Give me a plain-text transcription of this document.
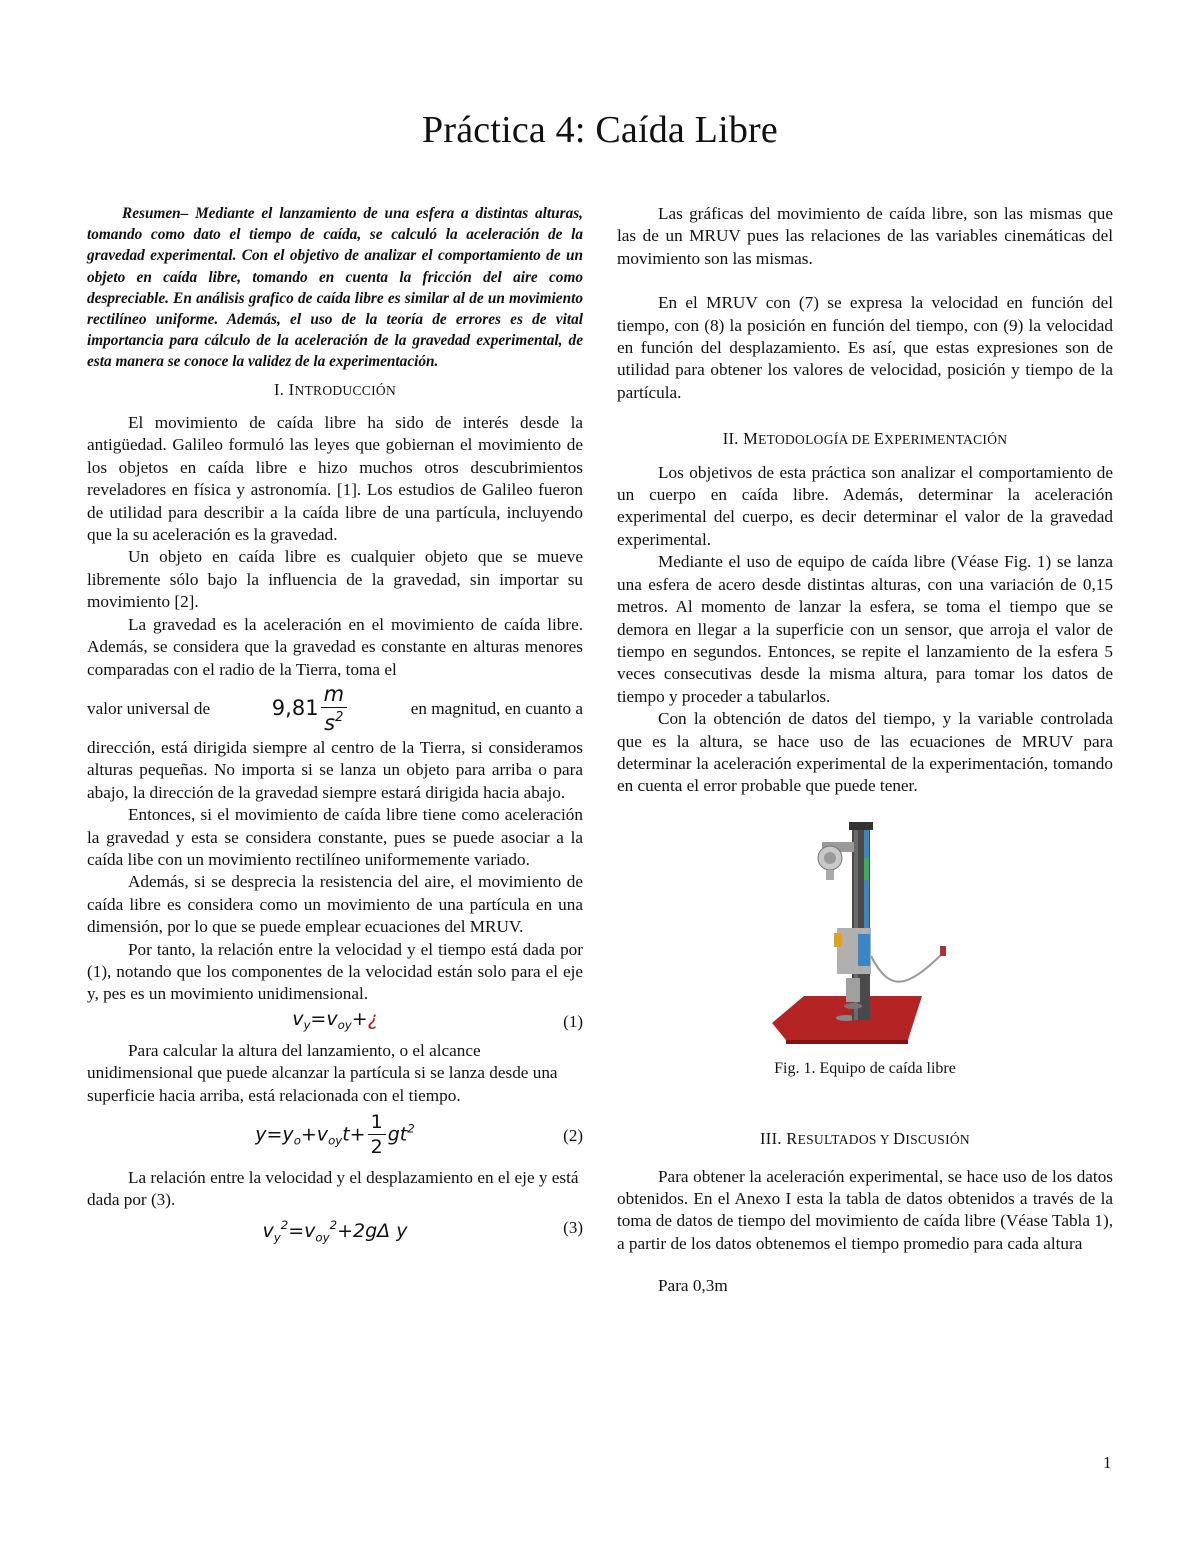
Práctica 4: Caída Libre

Resumen– Mediante el lanzamiento de una esfera a distintas alturas, tomando como dato el tiempo de caída, se calculó la aceleración de la gravedad experimental. Con el objetivo de analizar el comportamiento de un objeto en caída libre, tomando en cuenta la fricción del aire como despreciable. En análisis grafico de caída libre es similar al de un movimiento rectilíneo uniforme. Además, el uso de la teoría de errores es de vital importancia para cálculo de la aceleración de la gravedad experimental, de esta manera se conoce la validez de la experimentación.

I. INTRODUCCIÓN

El movimiento de caída libre ha sido de interés desde la antigüedad. Galileo formuló las leyes que gobiernan el movimiento de los objetos en caída libre e hizo muchos otros descubrimientos reveladores en física y astronomía. [1]. Los estudios de Galileo fueron de utilidad para describir a la caída libre de una partícula, incluyendo que la su aceleración es la gravedad.

Un objeto en caída libre es cualquier objeto que se mueve libremente sólo bajo la influencia de la gravedad, sin importar su movimiento [2].

La gravedad es la aceleración en el movimiento de caída libre. Además, se considera que la gravedad es constante en alturas menores comparadas con el radio de la Tierra, toma el

valor universal de	$9,81 \frac{m}{s^2}$	en magnitud, en cuanto a

dirección, está dirigida siempre al centro de la Tierra, si consideramos alturas pequeñas. No importa si se lanza un objeto para arriba o para abajo, la dirección de la gravedad siempre estará dirigida hacia abajo.

Entonces, si el movimiento de caída libre tiene como aceleración la gravedad y esta se considera constante, pues se puede asociar a la caída libe con un movimiento rectilíneo uniformemente variado.

Además, si se desprecia la resistencia del aire, el movimiento de caída libre es considera como un movimiento de una partícula en una dimensión, por lo que se puede emplear ecuaciones del MRUV.

Por tanto, la relación entre la velocidad y el tiempo está dada por (1), notando que los componentes de la velocidad están solo para el eje y, pes es un movimiento unidimensional.

$v_y=v_{oy}+¿$	(1)

Para calcular la altura del lanzamiento, o el alcance unidimensional que puede alcanzar la partícula si se lanza desde una superficie hacia arriba, está relacionada con el tiempo.

$y=y_o+v_{oy}t+ \frac{1}{2} gt^2$	(2)

La relación entre la velocidad y el desplazamiento en el eje y está dada por (3).

$v_y^2=v_{oy}^2+2g\Delta$ y	(3)

Las gráficas del movimiento de caída libre, son las mismas que las de un MRUV pues las relaciones de las variables cinemáticas del movimiento son las mismas.

En el MRUV con (7) se expresa la velocidad en función del tiempo, con (8) la posición en función del tiempo, con (9) la velocidad en función del desplazamiento. Es así, que estas expresiones son de utilidad para obtener los valores de velocidad, posición y tiempo de la partícula.

II. METODOLOGÍA DE EXPERIMENTACIÓN

Los objetivos de esta práctica son analizar el comportamiento de un cuerpo en caída libre. Además, determinar la aceleración experimental del cuerpo, es decir determinar el valor de la gravedad experimental.

Mediante el uso de equipo de caída libre (Véase Fig. 1) se lanza una esfera de acero desde distintas alturas, con una variación de 0,15 metros. Al momento de lanzar la esfera, se toma el tiempo que se demora en llegar a la superficie con un sensor, que arroja el valor de tiempo en segundos. Entonces, se repite el lanzamiento de la esfera 5 veces consecutivas desde la misma altura, para tomar los datos de tiempo y proceder a tabularlos.

Con la obtención de datos del tiempo, y la variable controlada que es la altura, se hace uso de las ecuaciones de MRUV para determinar la aceleración experimental de la experimentación, tomando en cuenta el error probable que puede tener.

Fig. 1. Equipo de caída libre
III. RESULTADOS Y DISCUSIÓN

Para obtener la aceleración experimental, se hace uso de los datos obtenidos. En el Anexo I esta la tabla de datos obtenidos a través de la toma de datos de tiempo del movimiento de caída libre (Véase Tabla 1), a partir de los datos obtenemos el tiempo promedio para cada altura

Para 0,3m

1
